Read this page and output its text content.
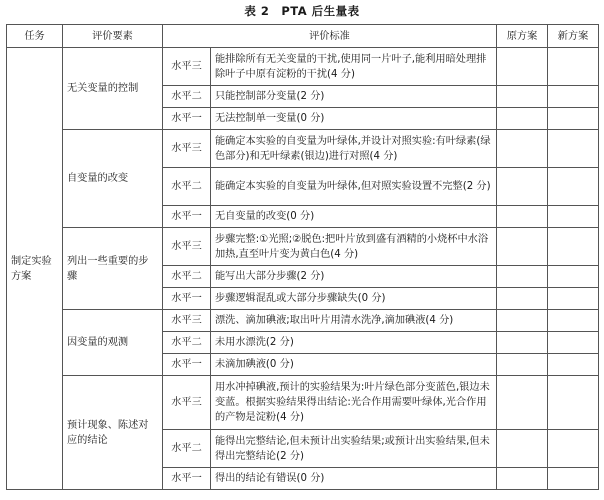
表 2　PTA 后生量表
任务	评价要素	评价标准		原方案	新方案
制定实验方案	无关变量的控制	水平三	能排除所有无关变量的干扰,使用同一片叶子,能利用暗处理排除叶子中原有淀粉的干扰(4 分)		
		水平二	只能控制部分变量(2 分)		
		水平一	无法控制单一变量(0 分)		
	自变量的改变	水平三	能确定本实验的自变量为叶绿体,并设计对照实验:有叶绿素(绿色部分)和无叶绿素(银边)进行对照(4 分)		
		水平二	能确定本实验的自变量为叶绿体,但对照实验设置不完整(2 分)		
		水平一	无自变量的改变(0 分)		
	列出一些重要的步骤	水平三	步骤完整:①光照;②脱色:把叶片放到盛有酒精的小烧杯中水浴加热,直至叶片变为黄白色(4 分)		
		水平二	能写出大部分步骤(2 分)		
		水平一	步骤逻辑混乱或大部分步骤缺失(0 分)		
	因变量的观测	水平三	漂洗、滴加碘液;取出叶片用清水洗净,滴加碘液(4 分)		
		水平二	未用水漂洗(2 分)		
		水平一	未滴加碘液(0 分)		
	预计现象、陈述对应的结论	水平三	用水冲掉碘液,预计的实验结果为:叶片绿色部分变蓝色,银边未变蓝。根据实验结果得出结论:光合作用需要叶绿体,光合作用的产物是淀粉(4 分)		
		水平二	能得出完整结论,但未预计出实验结果;或预计出实验结果,但未得出完整结论(2 分)		
		水平一	得出的结论有错误(0 分)		
